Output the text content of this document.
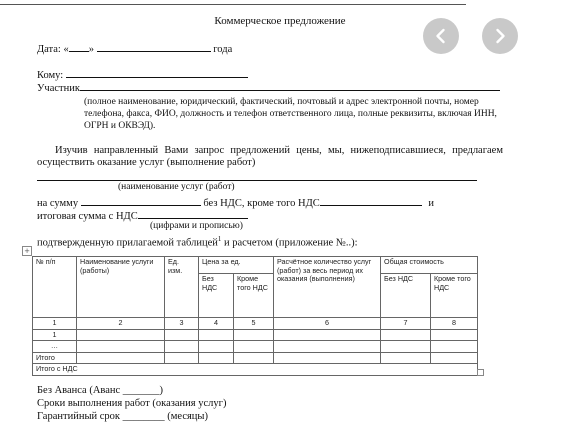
Коммерческое предложение
Дата: « »	года
Кому:
Участник
(полное наименование, юридический, фактический, почтовый и адрес электронной почты, номер телефона, факса, ФИО, должность и телефон ответственного лица, полные реквизиты, включая ИНН, ОГРН и ОКВЭД).
Изучив направленный Вами запрос предложений цены, мы, нижеподписавшиеся, предлагаем осуществить оказание услуг (выполнение работ)
(наименование услуг (работ)
на сумму	без НДС, кроме того НДС	и
итоговая сумма с НДС
(цифрами и прописью)
подтвержденную прилагаемой таблицей$^1$ и расчетом (приложение №..):
+
№ п/п	Наименование услуги (работы)	Ед. изм.	Цена за ед.		Расчётное количество услуг (работ) за весь период их оказания (выполнения)	Общая стоимость	
			Без НДС	Кроме того НДС		Без НДС	Кроме того НДС
1	2	3	4	5	6	7	8
1							
…							
Итого							
Итого с НДС							
Без Аванса (Аванс _______)
Сроки выполнения работ (оказания услуг)
Гарантийный срок ________ (месяцы)
